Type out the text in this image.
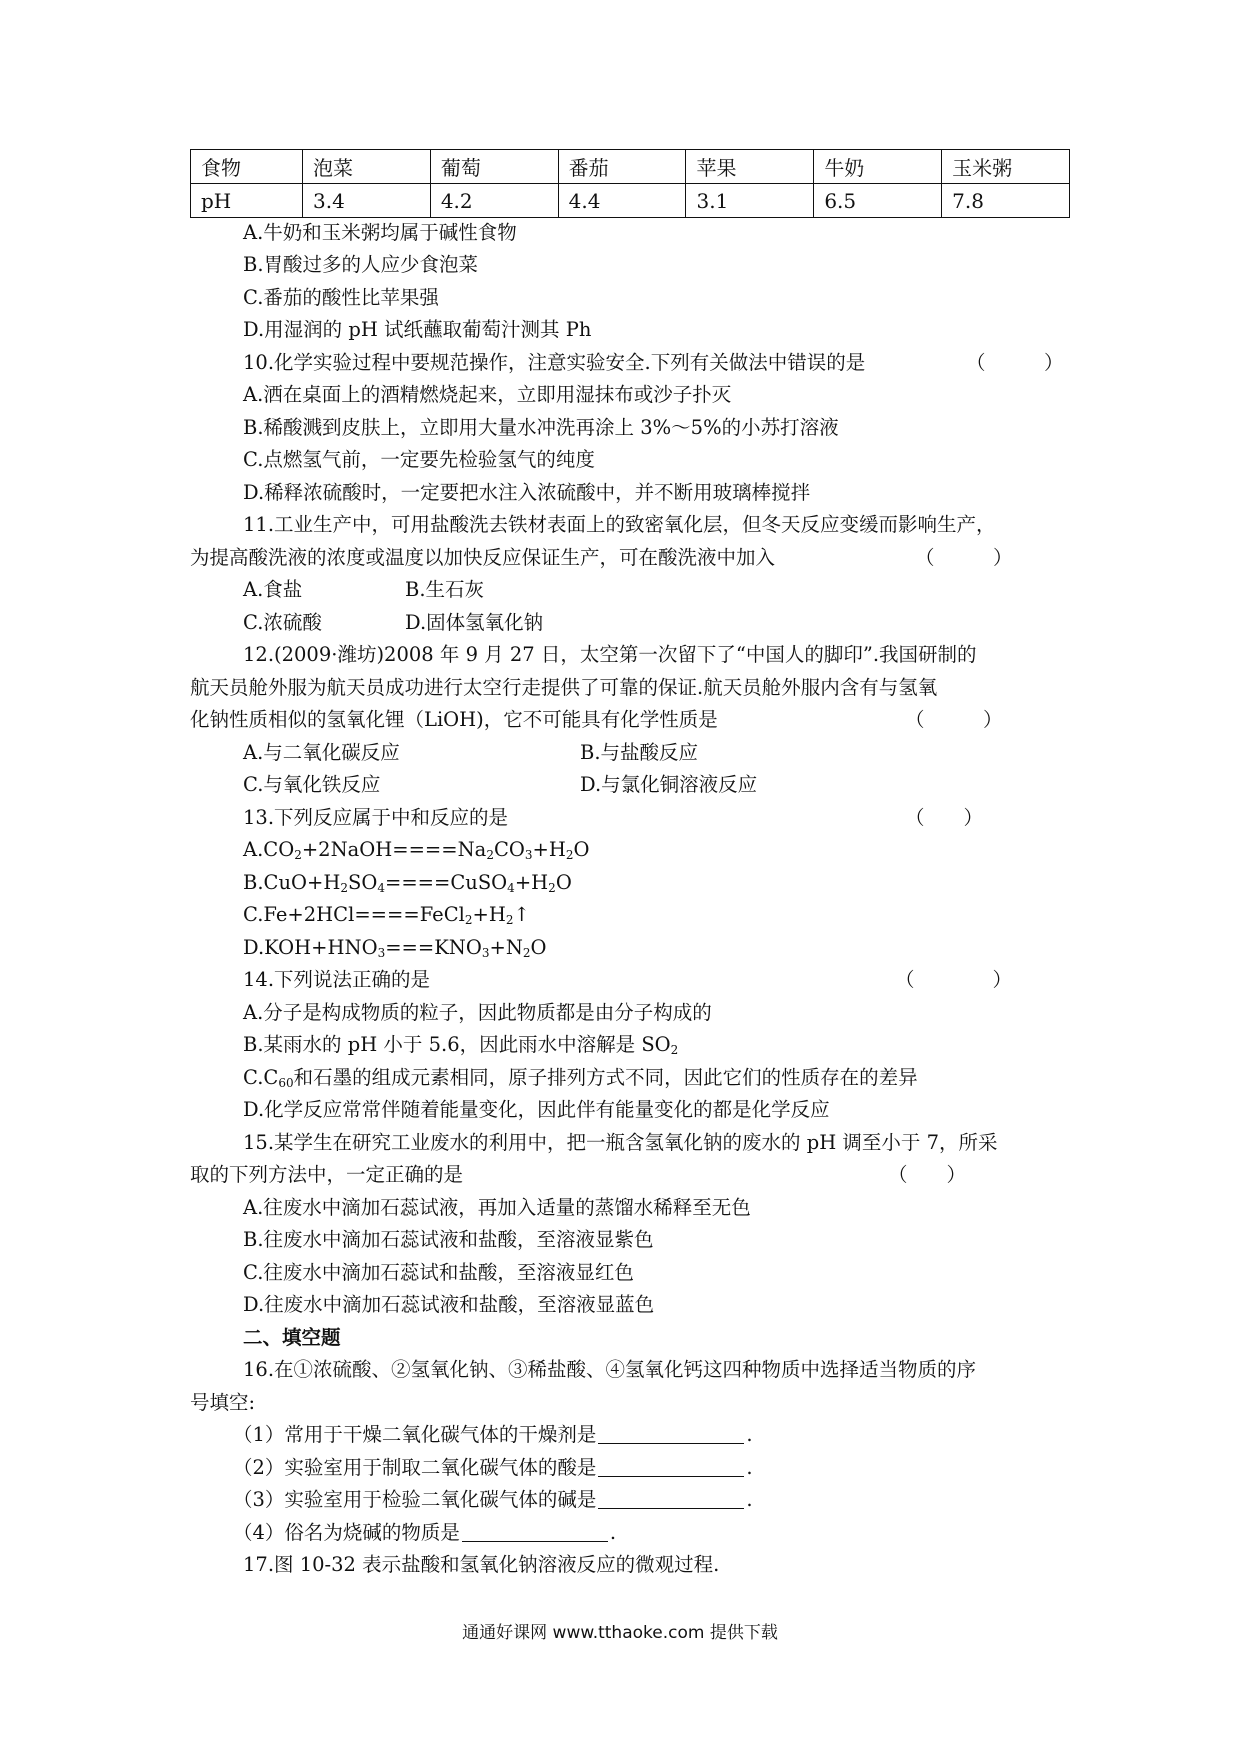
食物	泡菜	葡萄	番茄	苹果	牛奶	玉米粥
pH	3.4	4.2	4.4	3.1	6.5	7.8
A.牛奶和玉米粥均属于碱性食物
B.胃酸过多的人应少食泡菜
C.番茄的酸性比苹果强
D.用湿润的 pH 试纸蘸取葡萄汁测其 Ph
10.化学实验过程中要规范操作，注意实验安全.下列有关做法中错误的是	（　　　）
A.洒在桌面上的酒精燃烧起来，立即用湿抹布或沙子扑灭
B.稀酸溅到皮肤上，立即用大量水冲洗再涂上 3%～5%的小苏打溶液
C.点燃氢气前，一定要先检验氢气的纯度
D.稀释浓硫酸时，一定要把水注入浓硫酸中，并不断用玻璃棒搅拌
11.工业生产中，可用盐酸洗去铁材表面上的致密氧化层，但冬天反应变缓而影响生产，
为提高酸洗液的浓度或温度以加快反应保证生产，可在酸洗液中加入	（　　　）
A.食盐	B.生石灰
C.浓硫酸	D.固体氢氧化钠
12.(2009·潍坊)2008 年 9 月 27 日，太空第一次留下了“中国人的脚印”.我国研制的
航天员舱外服为航天员成功进行太空行走提供了可靠的保证.航天员舱外服内含有与氢氧
化钠性质相似的氢氧化锂（LiOH)，它不可能具有化学性质是	（　　　）
A.与二氧化碳反应	B.与盐酸反应
C.与氧化铁反应	D.与氯化铜溶液反应
13.下列反应属于中和反应的是	（　　）
$A.CO_2+2NaOH====Na_2CO_3+H_2O$
$B.CuO+H_2SO_4====CuSO_4+H_2O$
$C.Fe+2HCl====FeCl_2+H_2↑$
$D.KOH+HNO_3===KNO_3+N_2O$
14.下列说法正确的是	（　　　　）
A.分子是构成物质的粒子，因此物质都是由分子构成的
B.某雨水的 pH 小于 5.6，因此雨水中溶解是 $SO_2$
$C.C_{60}$和石墨的组成元素相同，原子排列方式不同，因此它们的性质存在的差异
D.化学反应常常伴随着能量变化，因此伴有能量变化的都是化学反应
15.某学生在研究工业废水的利用中，把一瓶含氢氧化钠的废水的 pH 调至小于 7，所采
取的下列方法中，一定正确的是	（　　）
A.往废水中滴加石蕊试液，再加入适量的蒸馏水稀释至无色
B.往废水中滴加石蕊试液和盐酸，至溶液显紫色
C.往废水中滴加石蕊试和盐酸，至溶液显红色
D.往废水中滴加石蕊试液和盐酸，至溶液显蓝色
二、填空题
16.在①浓硫酸、②氢氧化钠、③稀盐酸、④氢氧化钙这四种物质中选择适当物质的序
号填空:
（1）常用于干燥二氧化碳气体的干燥剂是	.
（2）实验室用于制取二氧化碳气体的酸是	.
（3）实验室用于检验二氧化碳气体的碱是	.
（4）俗名为烧碱的物质是	.
17.图 10-32 表示盐酸和氢氧化钠溶液反应的微观过程.
通通好课网 www.tthaoke.com 提供下载
